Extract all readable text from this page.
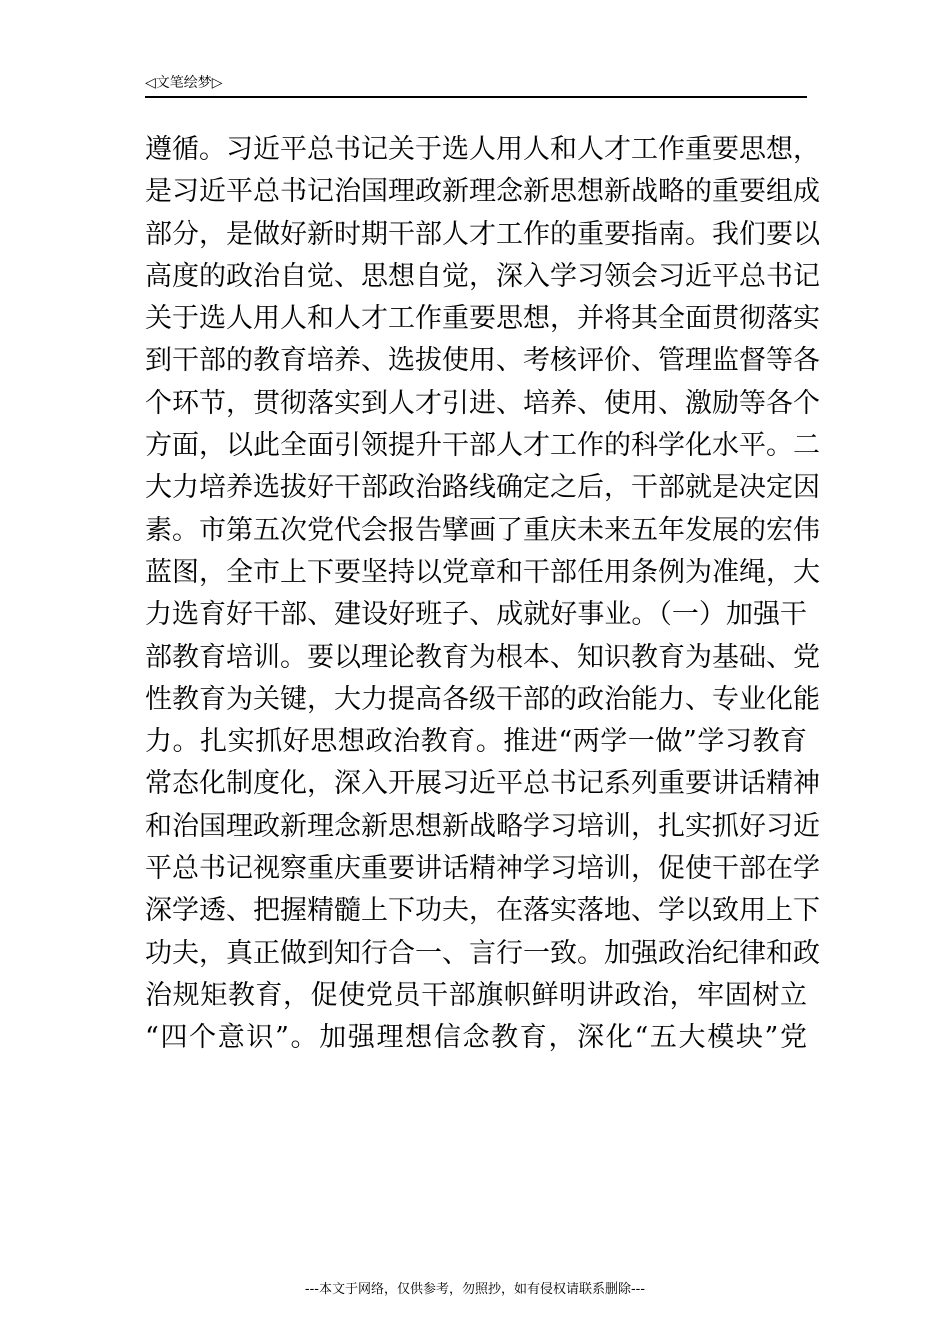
◁文笔绘梦▷
遵循。习近平总书记关于选人用人和人才工作重要思想，
是习近平总书记治国理政新理念新思想新战略的重要组成
部分，是做好新时期干部人才工作的重要指南。我们要以
高度的政治自觉、思想自觉，深入学习领会习近平总书记
关于选人用人和人才工作重要思想，并将其全面贯彻落实
到干部的教育培养、选拔使用、考核评价、管理监督等各
个环节，贯彻落实到人才引进、培养、使用、激励等各个
方面，以此全面引领提升干部人才工作的科学化水平。二
大力培养选拔好干部政治路线确定之后，干部就是决定因
素。市第五次党代会报告擘画了重庆未来五年发展的宏伟
蓝图，全市上下要坚持以党章和干部任用条例为准绳，大
力选育好干部、建设好班子、成就好事业。（一）加强干
部教育培训。要以理论教育为根本、知识教育为基础、党
性教育为关键，大力提高各级干部的政治能力、专业化能
力。扎实抓好思想政治教育。推进“两学一做”学习教育
常态化制度化，深入开展习近平总书记系列重要讲话精神
和治国理政新理念新思想新战略学习培训，扎实抓好习近
平总书记视察重庆重要讲话精神学习培训，促使干部在学
深学透、把握精髓上下功夫，在落实落地、学以致用上下
功夫，真正做到知行合一、言行一致。加强政治纪律和政
治规矩教育，促使党员干部旗帜鲜明讲政治，牢固树立
“四个意识”。加强理想信念教育，深化“五大模块”党
---本文于网络，仅供参考，勿照抄，如有侵权请联系删除---
